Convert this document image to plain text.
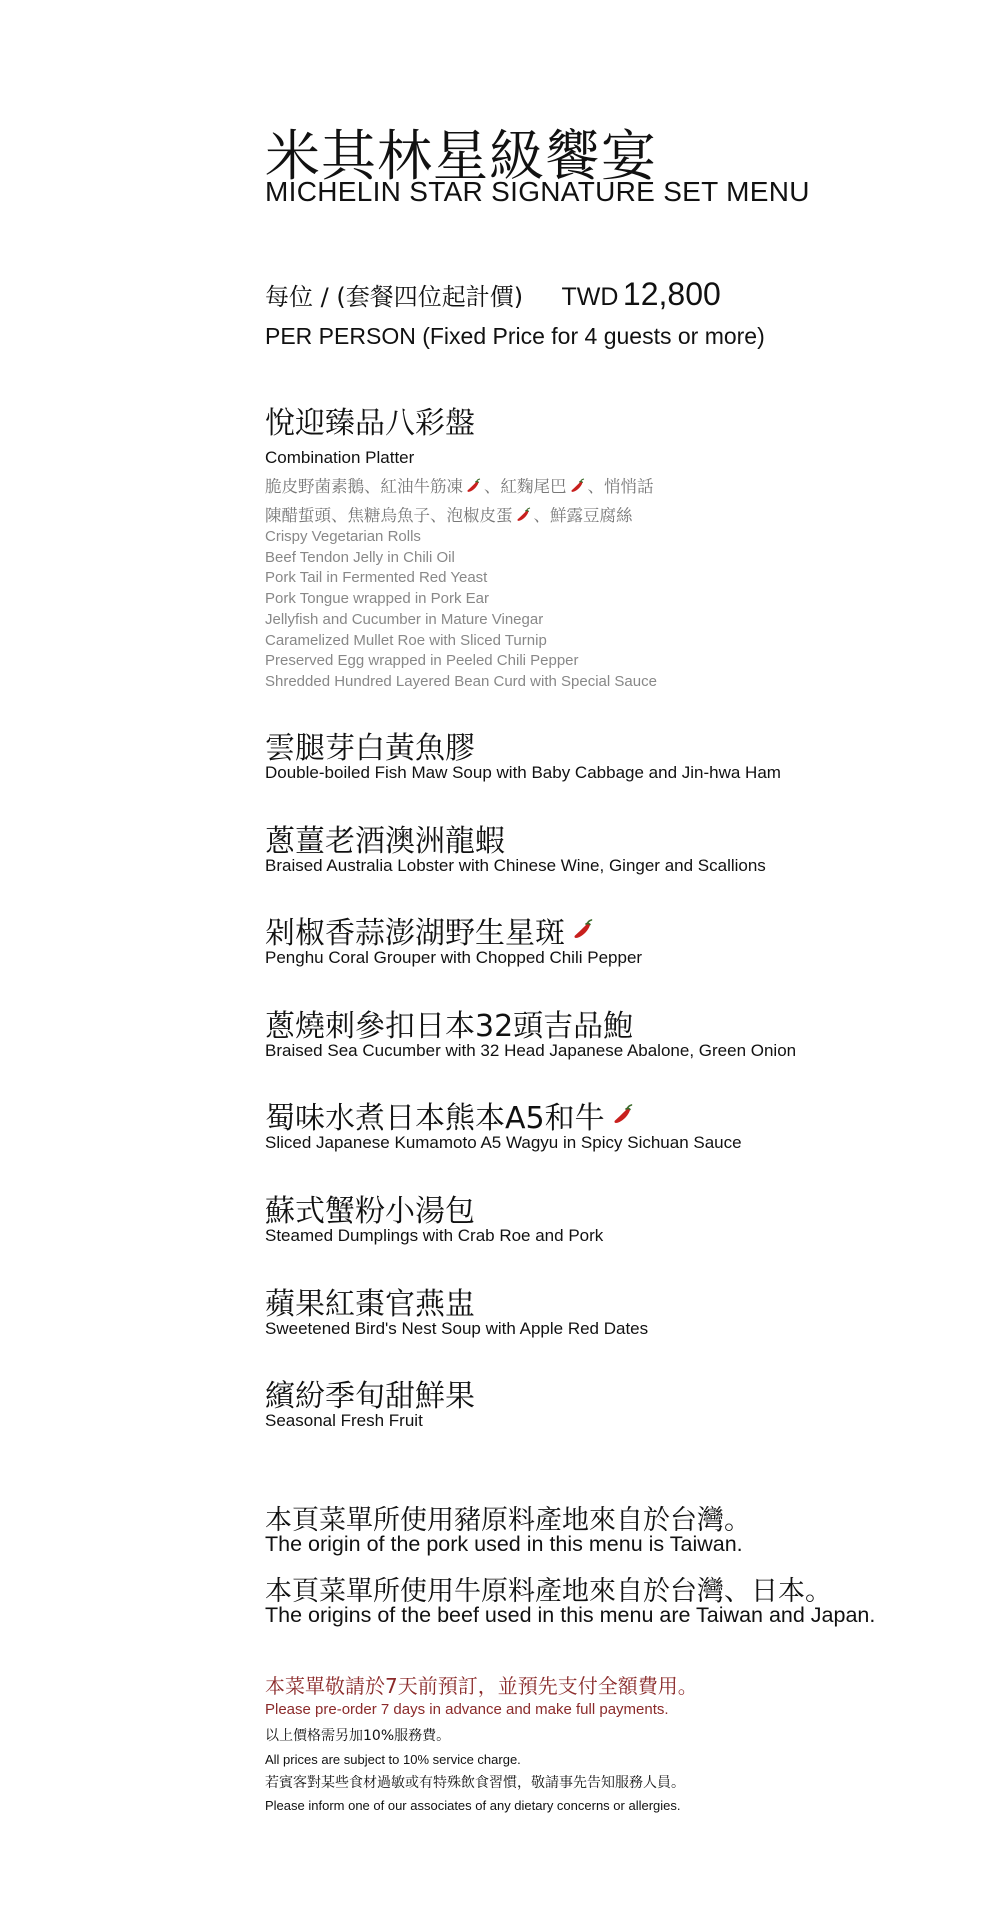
米其林星級饗宴
MICHELIN STAR SIGNATURE SET MENU
每位 / (套餐四位起計價) TWD 12,800
PER PERSON (Fixed Price for 4 guests or more)
悅迎臻品八彩盤
Combination Platter
脆皮野菌素鵝、紅油牛筋凍 、紅麴尾巴 、悄悄話
陳醋蜇頭、焦糖烏魚子、泡椒皮蛋 、鮮露豆腐絲
Crispy Vegetarian Rolls
Beef Tendon Jelly in Chili Oil
Pork Tail in Fermented Red Yeast
Pork Tongue wrapped in Pork Ear
Jellyfish and Cucumber in Mature Vinegar
Caramelized Mullet Roe with Sliced Turnip
Preserved Egg wrapped in Peeled Chili Pepper
Shredded Hundred Layered Bean Curd with Special Sauce
雲腿芽白黃魚膠
Double-boiled Fish Maw Soup with Baby Cabbage and Jin-hwa Ham
蔥薑老酒澳洲龍蝦
Braised Australia Lobster with Chinese Wine, Ginger and Scallions
剁椒香蒜澎湖野生星斑
Penghu Coral Grouper with Chopped Chili Pepper
蔥燒刺參扣日本32頭吉品鮑
Braised Sea Cucumber with 32 Head Japanese Abalone, Green Onion
蜀味水煮日本熊本A5和牛
Sliced Japanese Kumamoto A5 Wagyu in Spicy Sichuan Sauce
蘇式蟹粉小湯包
Steamed Dumplings with Crab Roe and Pork
蘋果紅棗官燕盅
Sweetened Bird's Nest Soup with Apple Red Dates
繽紛季旬甜鮮果
Seasonal Fresh Fruit
本頁菜單所使用豬原料產地來自於台灣。
The origin of the pork used in this menu is Taiwan.
本頁菜單所使用牛原料產地來自於台灣、日本。
The origins of the beef used in this menu are Taiwan and Japan.
本菜單敬請於7天前預訂，並預先支付全額費用。
Please pre-order 7 days in advance and make full payments.
以上價格需另加10%服務費。
All prices are subject to 10% service charge.
若賓客對某些食材過敏或有特殊飲食習慣，敬請事先告知服務人員。
Please inform one of our associates of any dietary concerns or allergies.
